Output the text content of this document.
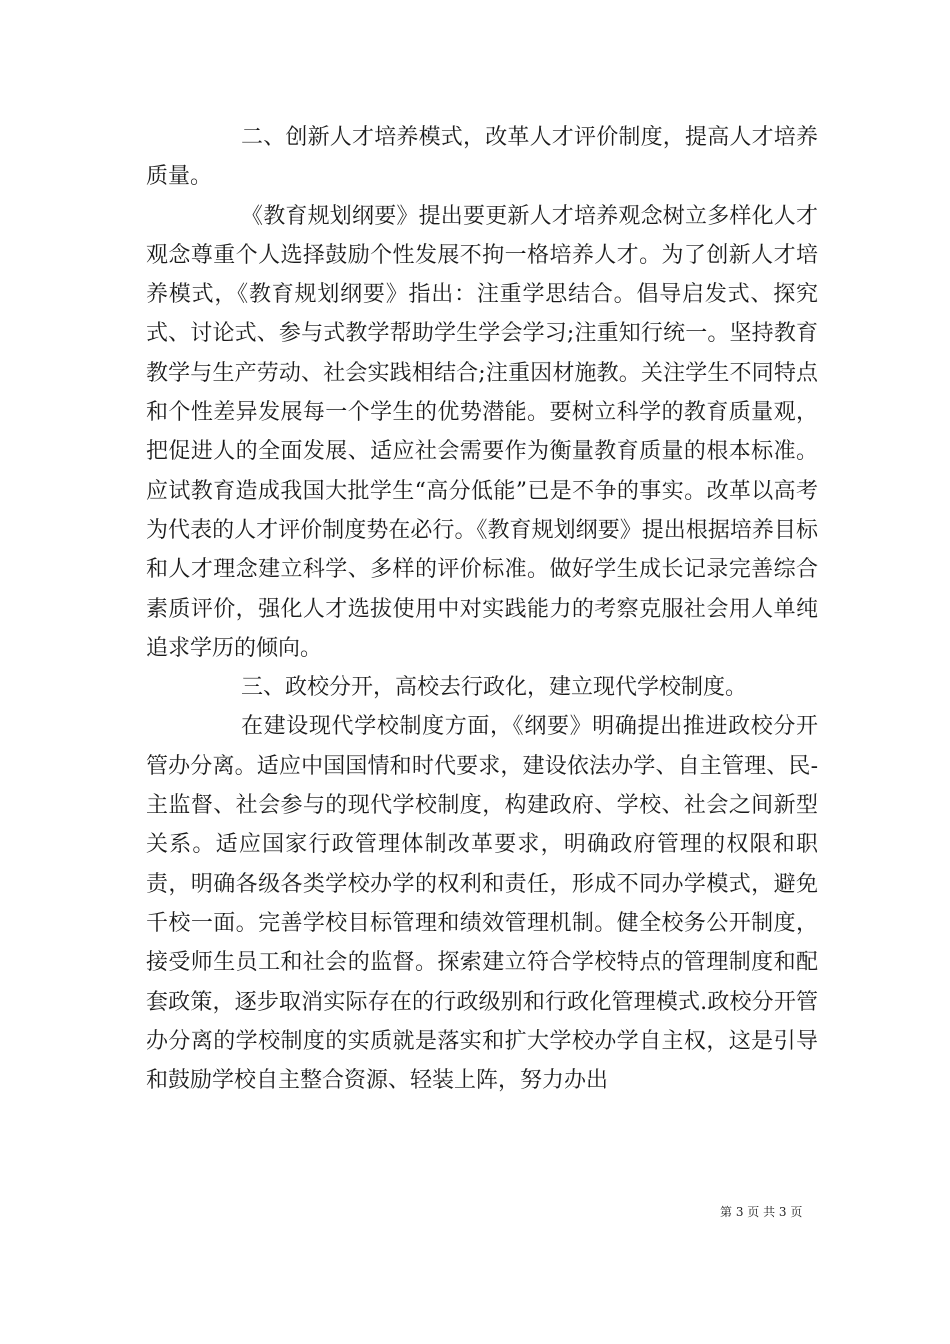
二、创新人才培养模式，改革人才评价制度，提高人才培养质量。

《教育规划纲要》提出要更新人才培养观念树立多样化人才观念尊重个人选择鼓励个性发展不拘一格培养人才。为了创新人才培养模式，《教育规划纲要》指出：注重学思结合。倡导启发式、探究式、讨论式、参与式教学帮助学生学会学习;注重知行统一。坚持教育教学与生产劳动、社会实践相结合;注重因材施教。关注学生不同特点和个性差异发展每一个学生的优势潜能。要树立科学的教育质量观，把促进人的全面发展、适应社会需要作为衡量教育质量的根本标准。应试教育造成我国大批学生“高分低能”已是不争的事实。改革以高考为代表的人才评价制度势在必行。《教育规划纲要》提出根据培养目标和人才理念建立科学、多样的评价标准。做好学生成长记录完善综合素质评价，强化人才选拔使用中对实践能力的考察克服社会用人单纯追求学历的倾向。

三、政校分开，高校去行政化，建立现代学校制度。

在建设现代学校制度方面，《纲要》明确提出推进政校分开管办分离。适应中国国情和时代要求，建设依法办学、自主管理、民-主监督、社会参与的现代学校制度，构建政府、学校、社会之间新型关系。适应国家行政管理体制改革要求，明确政府管理的权限和职责，明确各级各类学校办学的权利和责任，形成不同办学模式，避免千校一面。完善学校目标管理和绩效管理机制。健全校务公开制度，接受师生员工和社会的监督。探索建立符合学校特点的管理制度和配套政策，逐步取消实际存在的行政级别和行政化管理模式.政校分开管办分离的学校制度的实质就是落实和扩大学校办学自主权，这是引导和鼓励学校自主整合资源、轻装上阵，努力办出

第 3 页 共 3 页
